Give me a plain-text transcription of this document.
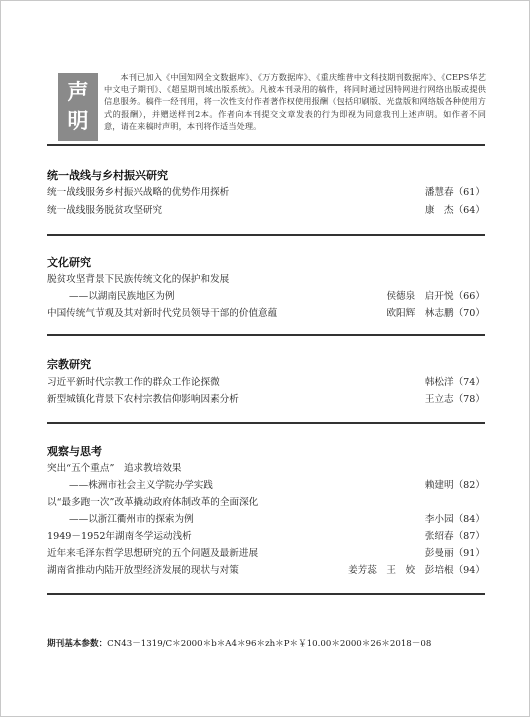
声
明
本刊已加入《中国知网全文数据库》、《万方数据库》、《重庆维普中文科技期刊数据库》、《CEPS华艺中文电子期刊》、《超星期刊域出版系统》。凡被本刊录用的稿件，将同时通过因特网进行网络出版或提供信息服务。稿件一经刊用，将一次性支付作者著作权使用报酬（包括印刷版、光盘版和网络版各种使用方式的报酬），并赠送样刊2本。作者向本刊提交文章发表的行为即视为同意我刊上述声明。如作者不同意，请在来稿时声明，本刊将作适当处理。
统一战线与乡村振兴研究
统一战线服务乡村振兴战略的优势作用探析	潘慧春（61）
统一战线服务脱贫攻坚研究	康　杰（64）
文化研究
脱贫攻坚背景下民族传统文化的保护和发展
——以湖南民族地区为例	侯德泉　启开悦（66）
中国传统气节观及其对新时代党员领导干部的价值意蕴	欧阳辉　林志鹏（70）
宗教研究
习近平新时代宗教工作的群众工作论探微	韩松洋（74）
新型城镇化背景下农村宗教信仰影响因素分析	王立志（78）
观察与思考
突出“五个重点”　追求教培效果
——株洲市社会主义学院办学实践	赖建明（82）
以“最多跑一次”改革撬动政府体制改革的全面深化
——以浙江衢州市的探索为例	李小园（84）
1949－1952年湖南冬学运动浅析	张绍春（87）
近年来毛泽东哲学思想研究的五个问题及最新进展	彭曼丽（91）
湖南省推动内陆开放型经济发展的现状与对策	姜芳蕊　王　姣　彭培根（94）
期刊基本参数：CN43－1319/C＊2000＊b＊A4＊96＊zh＊P＊￥10.00＊2000＊26＊2018－08
